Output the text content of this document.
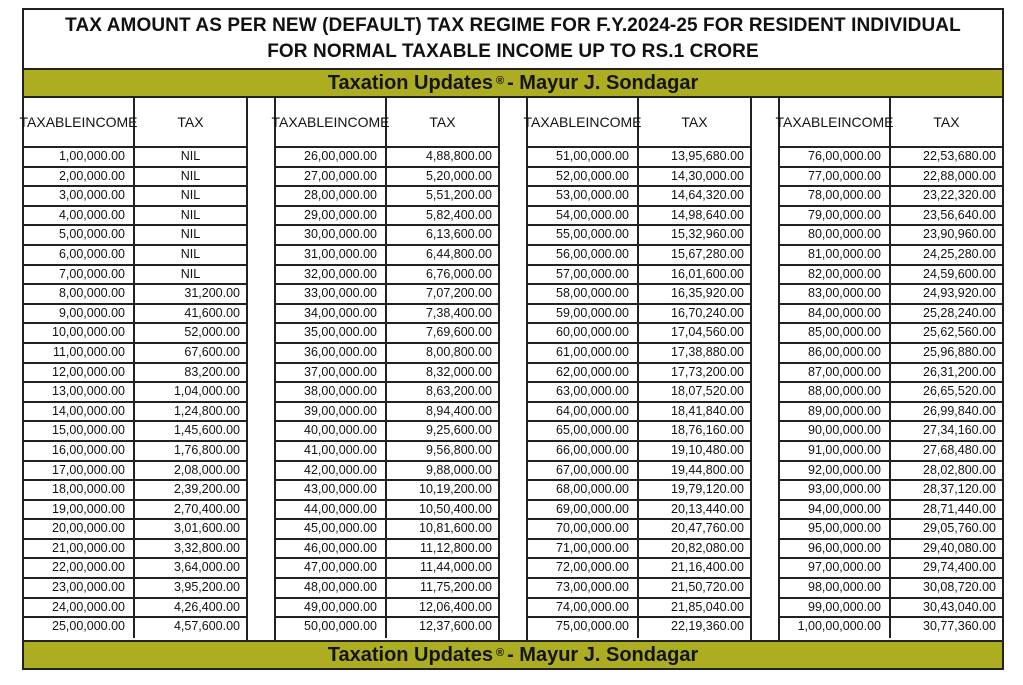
TAX AMOUNT AS PER NEW (DEFAULT) TAX REGIME FOR F.Y.2024-25 FOR RESIDENT INDIVIDUAL
FOR NORMAL TAXABLE INCOME UP TO RS.1 CRORE
Taxation Updates ® - Mayur J. Sondagar
TAXABLE INCOME	TAX
1,00,000.00	NIL
2,00,000.00	NIL
3,00,000.00	NIL
4,00,000.00	NIL
5,00,000.00	NIL
6,00,000.00	NIL
7,00,000.00	NIL
8,00,000.00	31,200.00
9,00,000.00	41,600.00
10,00,000.00	52,000.00
11,00,000.00	67,600.00
12,00,000.00	83,200.00
13,00,000.00	1,04,000.00
14,00,000.00	1,24,800.00
15,00,000.00	1,45,600.00
16,00,000.00	1,76,800.00
17,00,000.00	2,08,000.00
18,00,000.00	2,39,200.00
19,00,000.00	2,70,400.00
20,00,000.00	3,01,600.00
21,00,000.00	3,32,800.00
22,00,000.00	3,64,000.00
23,00,000.00	3,95,200.00
24,00,000.00	4,26,400.00
25,00,000.00	4,57,600.00
TAXABLE INCOME	TAX
26,00,000.00	4,88,800.00
27,00,000.00	5,20,000.00
28,00,000.00	5,51,200.00
29,00,000.00	5,82,400.00
30,00,000.00	6,13,600.00
31,00,000.00	6,44,800.00
32,00,000.00	6,76,000.00
33,00,000.00	7,07,200.00
34,00,000.00	7,38,400.00
35,00,000.00	7,69,600.00
36,00,000.00	8,00,800.00
37,00,000.00	8,32,000.00
38,00,000.00	8,63,200.00
39,00,000.00	8,94,400.00
40,00,000.00	9,25,600.00
41,00,000.00	9,56,800.00
42,00,000.00	9,88,000.00
43,00,000.00	10,19,200.00
44,00,000.00	10,50,400.00
45,00,000.00	10,81,600.00
46,00,000.00	11,12,800.00
47,00,000.00	11,44,000.00
48,00,000.00	11,75,200.00
49,00,000.00	12,06,400.00
50,00,000.00	12,37,600.00
TAXABLE INCOME	TAX
51,00,000.00	13,95,680.00
52,00,000.00	14,30,000.00
53,00,000.00	14,64,320.00
54,00,000.00	14,98,640.00
55,00,000.00	15,32,960.00
56,00,000.00	15,67,280.00
57,00,000.00	16,01,600.00
58,00,000.00	16,35,920.00
59,00,000.00	16,70,240.00
60,00,000.00	17,04,560.00
61,00,000.00	17,38,880.00
62,00,000.00	17,73,200.00
63,00,000.00	18,07,520.00
64,00,000.00	18,41,840.00
65,00,000.00	18,76,160.00
66,00,000.00	19,10,480.00
67,00,000.00	19,44,800.00
68,00,000.00	19,79,120.00
69,00,000.00	20,13,440.00
70,00,000.00	20,47,760.00
71,00,000.00	20,82,080.00
72,00,000.00	21,16,400.00
73,00,000.00	21,50,720.00
74,00,000.00	21,85,040.00
75,00,000.00	22,19,360.00
TAXABLE INCOME	TAX
76,00,000.00	22,53,680.00
77,00,000.00	22,88,000.00
78,00,000.00	23,22,320.00
79,00,000.00	23,56,640.00
80,00,000.00	23,90,960.00
81,00,000.00	24,25,280.00
82,00,000.00	24,59,600.00
83,00,000.00	24,93,920.00
84,00,000.00	25,28,240.00
85,00,000.00	25,62,560.00
86,00,000.00	25,96,880.00
87,00,000.00	26,31,200.00
88,00,000.00	26,65,520.00
89,00,000.00	26,99,840.00
90,00,000.00	27,34,160.00
91,00,000.00	27,68,480.00
92,00,000.00	28,02,800.00
93,00,000.00	28,37,120.00
94,00,000.00	28,71,440.00
95,00,000.00	29,05,760.00
96,00,000.00	29,40,080.00
97,00,000.00	29,74,400.00
98,00,000.00	30,08,720.00
99,00,000.00	30,43,040.00
1,00,00,000.00	30,77,360.00
Taxation Updates ® - Mayur J. Sondagar
